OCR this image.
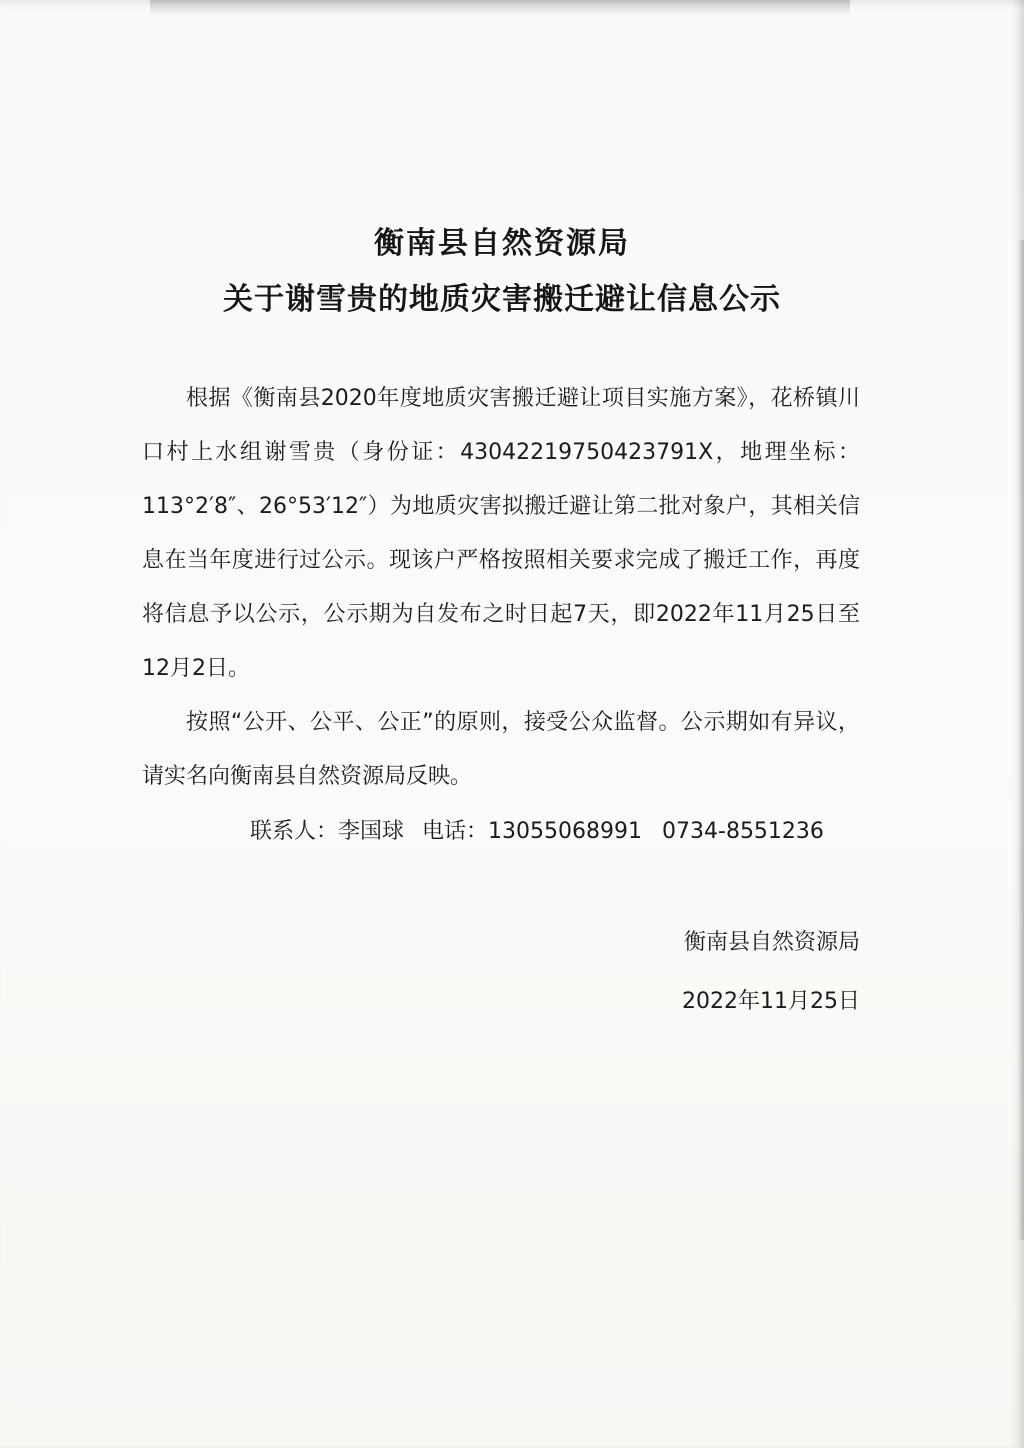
衡南县自然资源局
关于谢雪贵的地质灾害搬迁避让信息公示

根据《衡南县2020年度地质灾害搬迁避让项目实施方案》，花桥镇川口村上水组谢雪贵（身份证：43042219750423791X，地理坐标：113°2′8″、26°53′12″）为地质灾害拟搬迁避让第二批对象户，其相关信息在当年度进行过公示。现该户严格按照相关要求完成了搬迁工作，再度将信息予以公示，公示期为自发布之时日起7天，即2022年11月25日至12月2日。

按照“公开、公平、公正”的原则，接受公众监督。公示期如有异议，请实名向衡南县自然资源局反映。

联系人：李国球 电话：13055068991 0734-8551236
衡南县自然资源局
2022年11月25日
